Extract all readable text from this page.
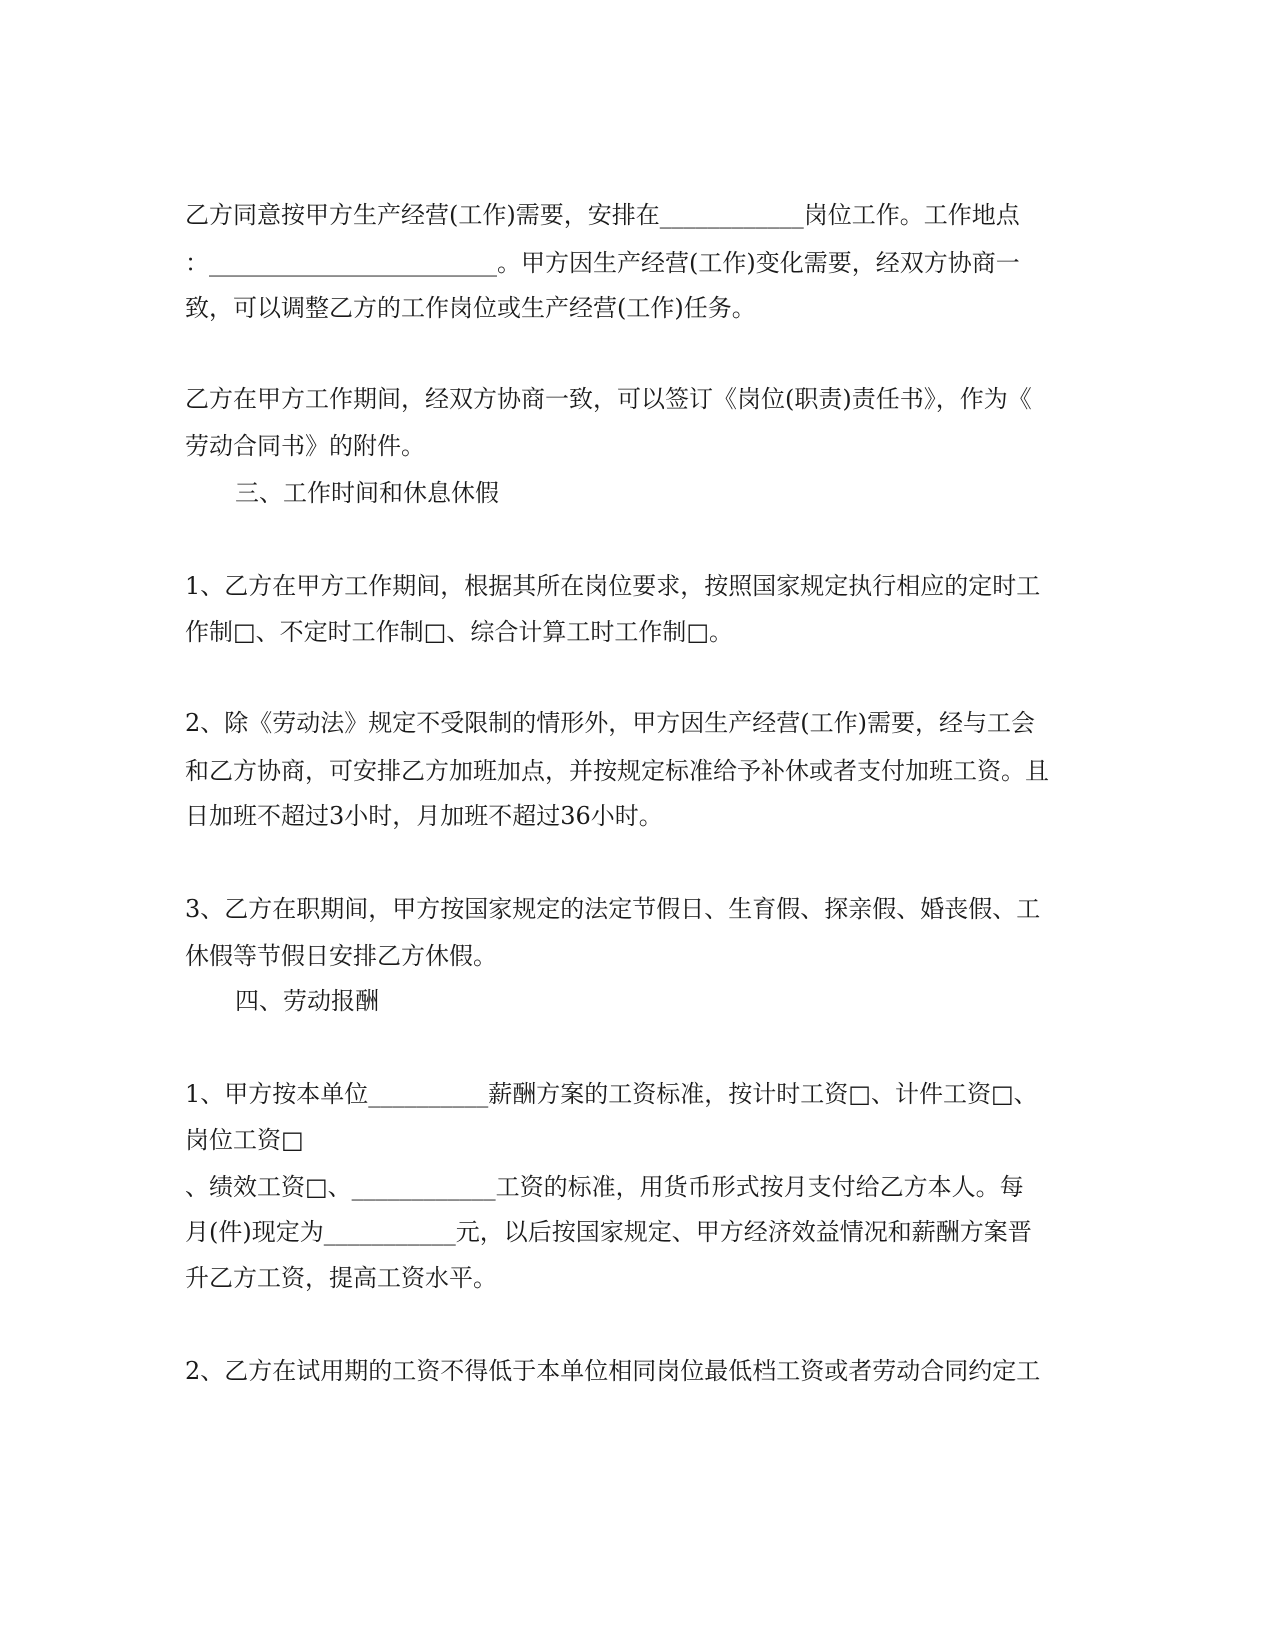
乙方同意按甲方生产经营(工作)需要，安排在____________岗位工作。工作地点
：________________________。甲方因生产经营(工作)变化需要，经双方协商一
致，可以调整乙方的工作岗位或生产经营(工作)任务。
乙方在甲方工作期间，经双方协商一致，可以签订《岗位(职责)责任书》，作为《
劳动合同书》的附件。
三、工作时间和休息休假
1、乙方在甲方工作期间，根据其所在岗位要求，按照国家规定执行相应的定时工
作制□、不定时工作制□、综合计算工时工作制□。
2、除《劳动法》规定不受限制的情形外，甲方因生产经营(工作)需要，经与工会
和乙方协商，可安排乙方加班加点，并按规定标准给予补休或者支付加班工资。且
日加班不超过3小时，月加班不超过36小时。
3、乙方在职期间，甲方按国家规定的法定节假日、生育假、探亲假、婚丧假、工
休假等节假日安排乙方休假。
四、劳动报酬
1、甲方按本单位__________薪酬方案的工资标准，按计时工资□、计件工资□、
岗位工资□
、绩效工资□、____________工资的标准，用货币形式按月支付给乙方本人。每
月(件)现定为___________元，以后按国家规定、甲方经济效益情况和薪酬方案晋
升乙方工资，提高工资水平。
2、乙方在试用期的工资不得低于本单位相同岗位最低档工资或者劳动合同约定工
